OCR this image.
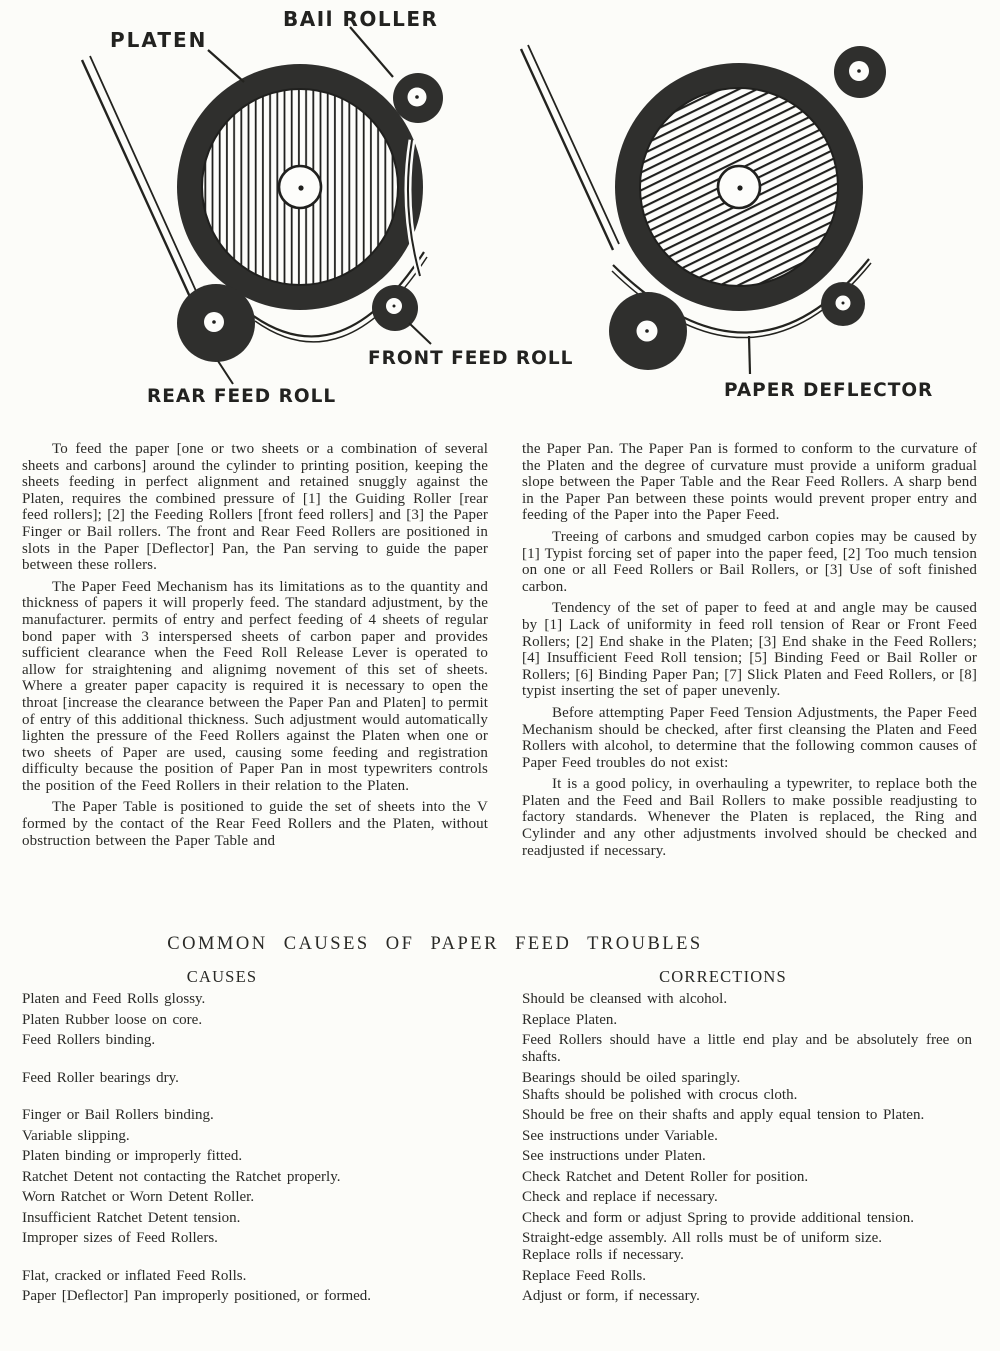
PLATEN
BAIl ROLLER
FRONT FEED ROLL
REAR FEED ROLL	PAPER DEFLECTOR

To feed the paper [one or two sheets or a combination of several sheets and carbons] around the cylinder to printing position, keeping the sheets feeding in perfect alignment and retained snuggly against the Platen, requires the combined pressure of [1] the Guiding Roller [rear feed rollers]; [2] the Feeding Rollers [front feed rollers] and [3] the Paper Finger or Bail rollers. The front and Rear Feed Rollers are positioned in slots in the Paper [Deflector] Pan, the Pan serving to guide the paper between these rollers.

The Paper Feed Mechanism has its limitations as to the quantity and thickness of papers it will properly feed. The standard adjustment, by the manufacturer. permits of entry and perfect feeding of 4 sheets of regular bond paper with 3 interspersed sheets of carbon paper and provides sufficient clearance when the Feed Roll Release Lever is operated to allow for straightening and alignimg novement of this set of sheets. Where a greater paper capacity is required it is necessary to open the throat [increase the clearance between the Paper Pan and Platen] to permit of entry of this additional thickness. Such adjustment would automatically lighten the pressure of the Feed Rollers against the Platen when one or two sheets of Paper are used, causing some feeding and registration difficulty because the position of Paper Pan in most typewriters controls the position of the Feed Rollers in their relation to the Platen.

The Paper Table is positioned to guide the set of sheets into the V formed by the contact of the Rear Feed Rollers and the Platen, without obstruction between the Paper Table and

the Paper Pan. The Paper Pan is formed to conform to the curvature of the Platen and the degree of curvature must provide a uniform gradual slope between the Paper Table and the Rear Feed Rollers. A sharp bend in the Paper Pan between these points would prevent proper entry and feeding of the Paper into the Paper Feed.

Treeing of carbons and smudged carbon copies may be caused by [1] Typist forcing set of paper into the paper feed, [2] Too much tension on one or all Feed Rollers or Bail Rollers, or [3] Use of soft finished carbon.

Tendency of the set of paper to feed at and angle may be caused by [1] Lack of uniformity in feed roll tension of Rear or Front Feed Rollers; [2] End shake in the Platen; [3] End shake in the Feed Rollers; [4] Insufficient Feed Roll tension; [5] Binding Feed or Bail Roller or Rollers; [6] Binding Paper Pan; [7] Slick Platen and Feed Rollers, or [8] typist inserting the set of paper unevenly.

Before attempting Paper Feed Tension Adjustments, the Paper Feed Mechanism should be checked, after first cleansing the Platen and Feed Rollers with alcohol, to determine that the following common causes of Paper Feed troubles do not exist:

It is a good policy, in overhauling a typewriter, to replace both the Platen and the Feed and Bail Rollers to make possible readjusting to factory standards. Whenever the Platen is replaced, the Ring and Cylinder and any other adjustments involved should be checked and readjusted if necessary.

COMMON CAUSES OF PAPER FEED TROUBLES
CAUSES	CORRECTIONS
Platen and Feed Rolls glossy.	Should be cleansed with alcohol.
Platen Rubber loose on core.	Replace Platen.
Feed Rollers binding.	Feed Rollers should have a little end play and be absolutely free on shafts.
Feed Roller bearings dry.	Bearings should be oiled sparingly.
Shafts should be polished with crocus cloth.
Finger or Bail Rollers binding.	Should be free on their shafts and apply equal tension to Platen.
Variable slipping.	See instructions under Variable.
Platen binding or improperly fitted.	See instructions under Platen.
Ratchet Detent not contacting the Ratchet properly.	Check Ratchet and Detent Roller for position.
Worn Ratchet or Worn Detent Roller.	Check and replace if necessary.
Insufficient Ratchet Detent tension.	Check and form or adjust Spring to provide additional tension.
Improper sizes of Feed Rollers.	Straight-edge assembly. All rolls must be of uniform size.
Replace rolls if necessary.
Flat, cracked or inflated Feed Rolls.	Replace Feed Rolls.
Paper [Deflector] Pan improperly positioned, or formed.	Adjust or form, if necessary.
